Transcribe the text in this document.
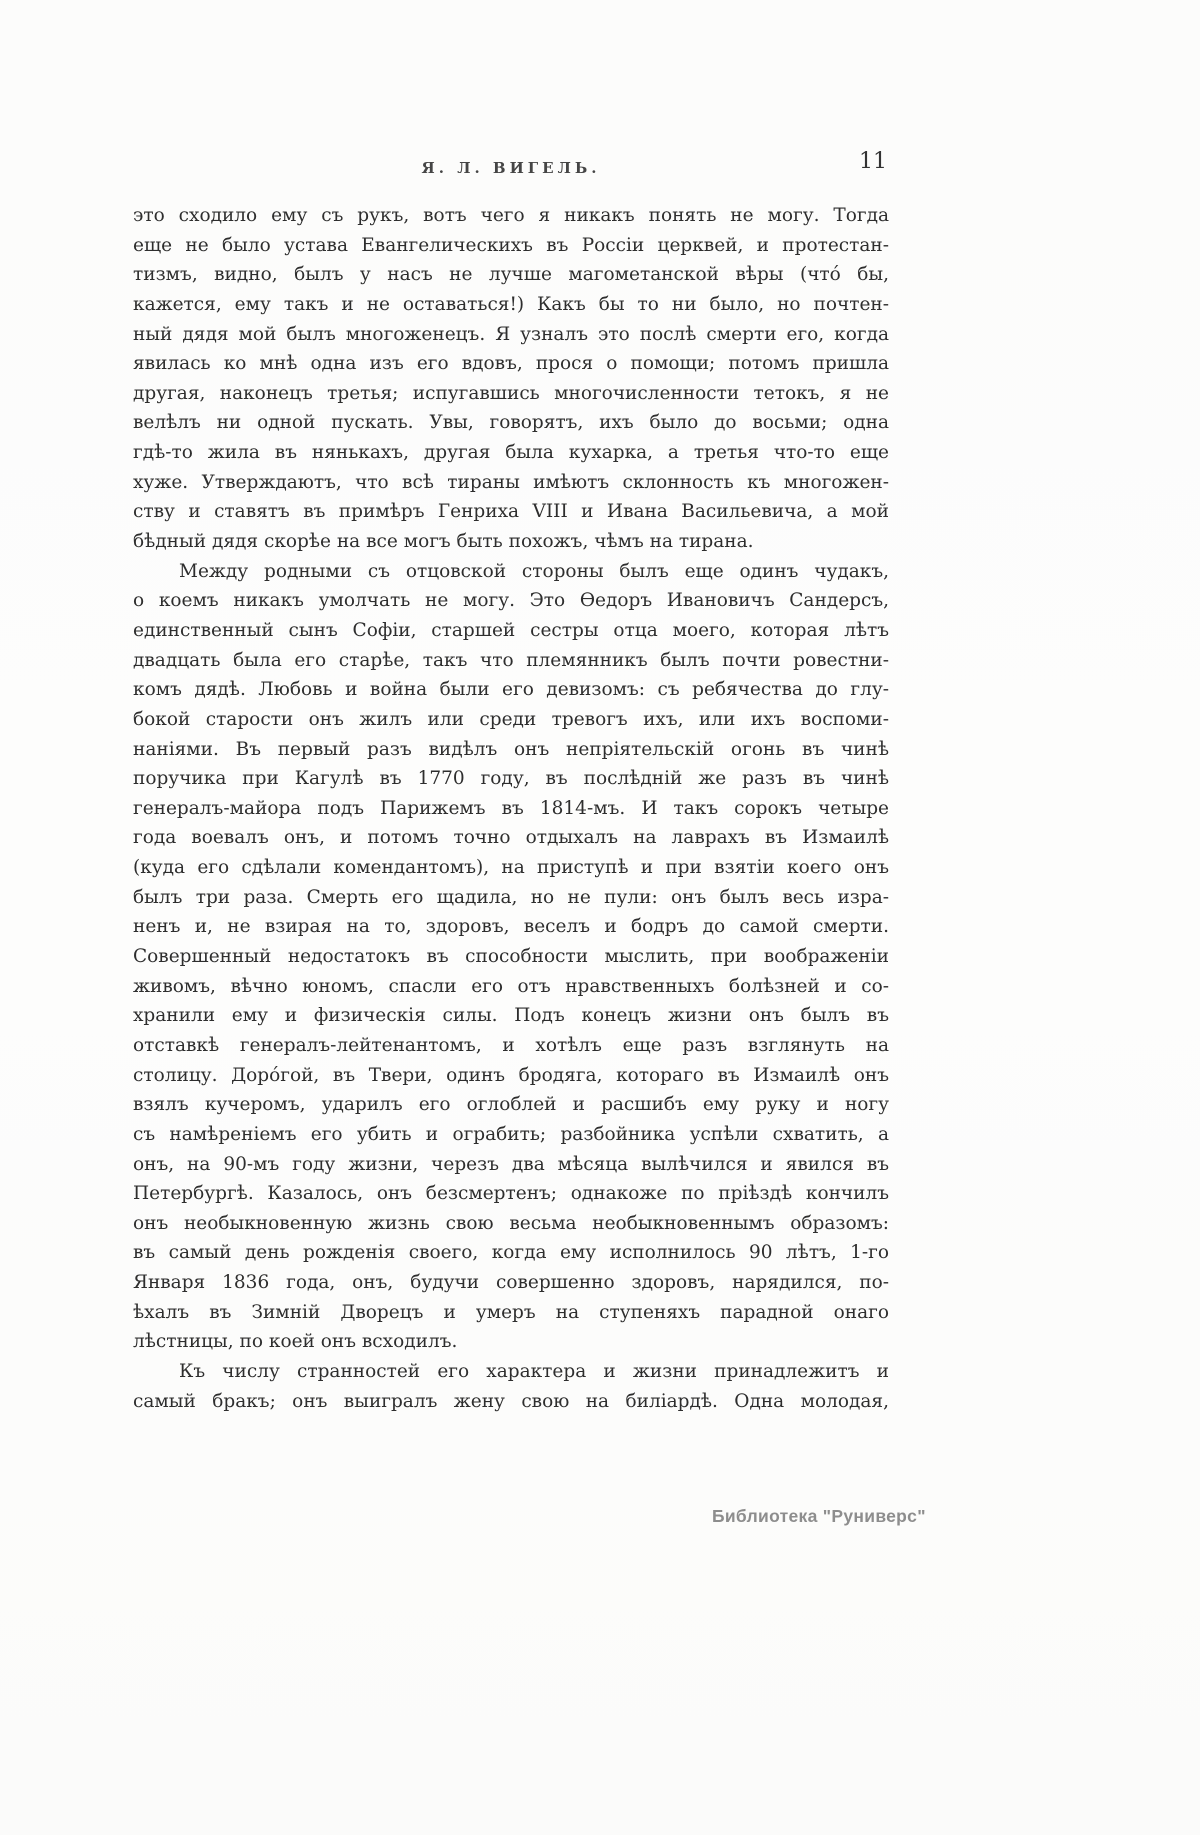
Я. Л. ВИГЕЛЬ.	11
это сходило ему съ рукъ, вотъ чего я никакъ понять не могу. Тогда
еще не было устава Евангелическихъ въ Россіи церквей, и протестан-
тизмъ, видно, былъ у насъ не лучше магометанской вѣры (чтó бы,
кажется, ему такъ и не оставаться!) Какъ бы то ни было, но почтен-
ный дядя мой былъ многоженецъ. Я узналъ это послѣ смерти его, когда
явилась ко мнѣ одна изъ его вдовъ, прося о помощи; потомъ пришла
другая, наконецъ третья; испугавшись многочисленности тетокъ, я не
велѣлъ ни одной пускать. Увы, говорятъ, ихъ было до восьми; одна
гдѣ-то жила въ нянькахъ, другая была кухарка, а третья что-то еще
хуже. Утверждаютъ, что всѣ тираны имѣютъ склонность къ многожен-
ству и ставятъ въ примѣръ Генриха VIII и Ивана Васильевича, а мой
бѣдный дядя скорѣе на все могъ быть похожъ, чѣмъ на тирана.
Между родными съ отцовской стороны былъ еще одинъ чудакъ,
о коемъ никакъ умолчать не могу. Это Ѳедоръ Ивановичъ Сандерсъ,
единственный сынъ Софіи, старшей сестры отца моего, которая лѣтъ
двадцать была его старѣе, такъ что племянникъ былъ почти ровестни-
комъ дядѣ. Любовь и война были его девизомъ: съ ребячества до глу-
бокой старости онъ жилъ или среди тревогъ ихъ, или ихъ воспоми-
наніями. Въ первый разъ видѣлъ онъ непріятельскій огонь въ чинѣ
поручика при Кагулѣ въ 1770 году, въ послѣдній же разъ въ чинѣ
генералъ-майора подъ Парижемъ въ 1814-мъ. И такъ сорокъ четыре
года воевалъ онъ, и потомъ точно отдыхалъ на лаврахъ въ Измаилѣ
(куда его сдѣлали комендантомъ), на приступѣ и при взятіи коего онъ
былъ три раза. Смерть его щадила, но не пули: онъ былъ весь изра-
ненъ и, не взирая на то, здоровъ, веселъ и бодръ до самой смерти.
Совершенный недостатокъ въ способности мыслить, при воображеніи
живомъ, вѣчно юномъ, спасли его отъ нравственныхъ болѣзней и со-
хранили ему и физическія силы. Подъ конецъ жизни онъ былъ въ
отставкѣ генералъ-лейтенантомъ, и хотѣлъ еще разъ взглянуть на
столицу. Дорóгой, въ Твери, одинъ бродяга, котораго въ Измаилѣ онъ
взялъ кучеромъ, ударилъ его оглоблей и расшибъ ему руку и ногу
съ намѣреніемъ его убить и ограбить; разбойника успѣли схватить, а
онъ, на 90-мъ году жизни, черезъ два мѣсяца вылѣчился и явился въ
Петербургѣ. Казалось, онъ безсмертенъ; однакоже по пріѣздѣ кончилъ
онъ необыкновенную жизнь свою весьма необыкновеннымъ образомъ:
въ самый день рожденія своего, когда ему исполнилось 90 лѣтъ, 1-го
Января 1836 года, онъ, будучи совершенно здоровъ, нарядился, по-
ѣхалъ въ Зимній Дворецъ и умеръ на ступеняхъ парадной онаго
лѣстницы, по коей онъ всходилъ.
Къ числу странностей его характера и жизни принадлежитъ и
самый бракъ; онъ выигралъ жену свою на биліардѣ. Одна молодая,
Библиотека "Руниверс"
